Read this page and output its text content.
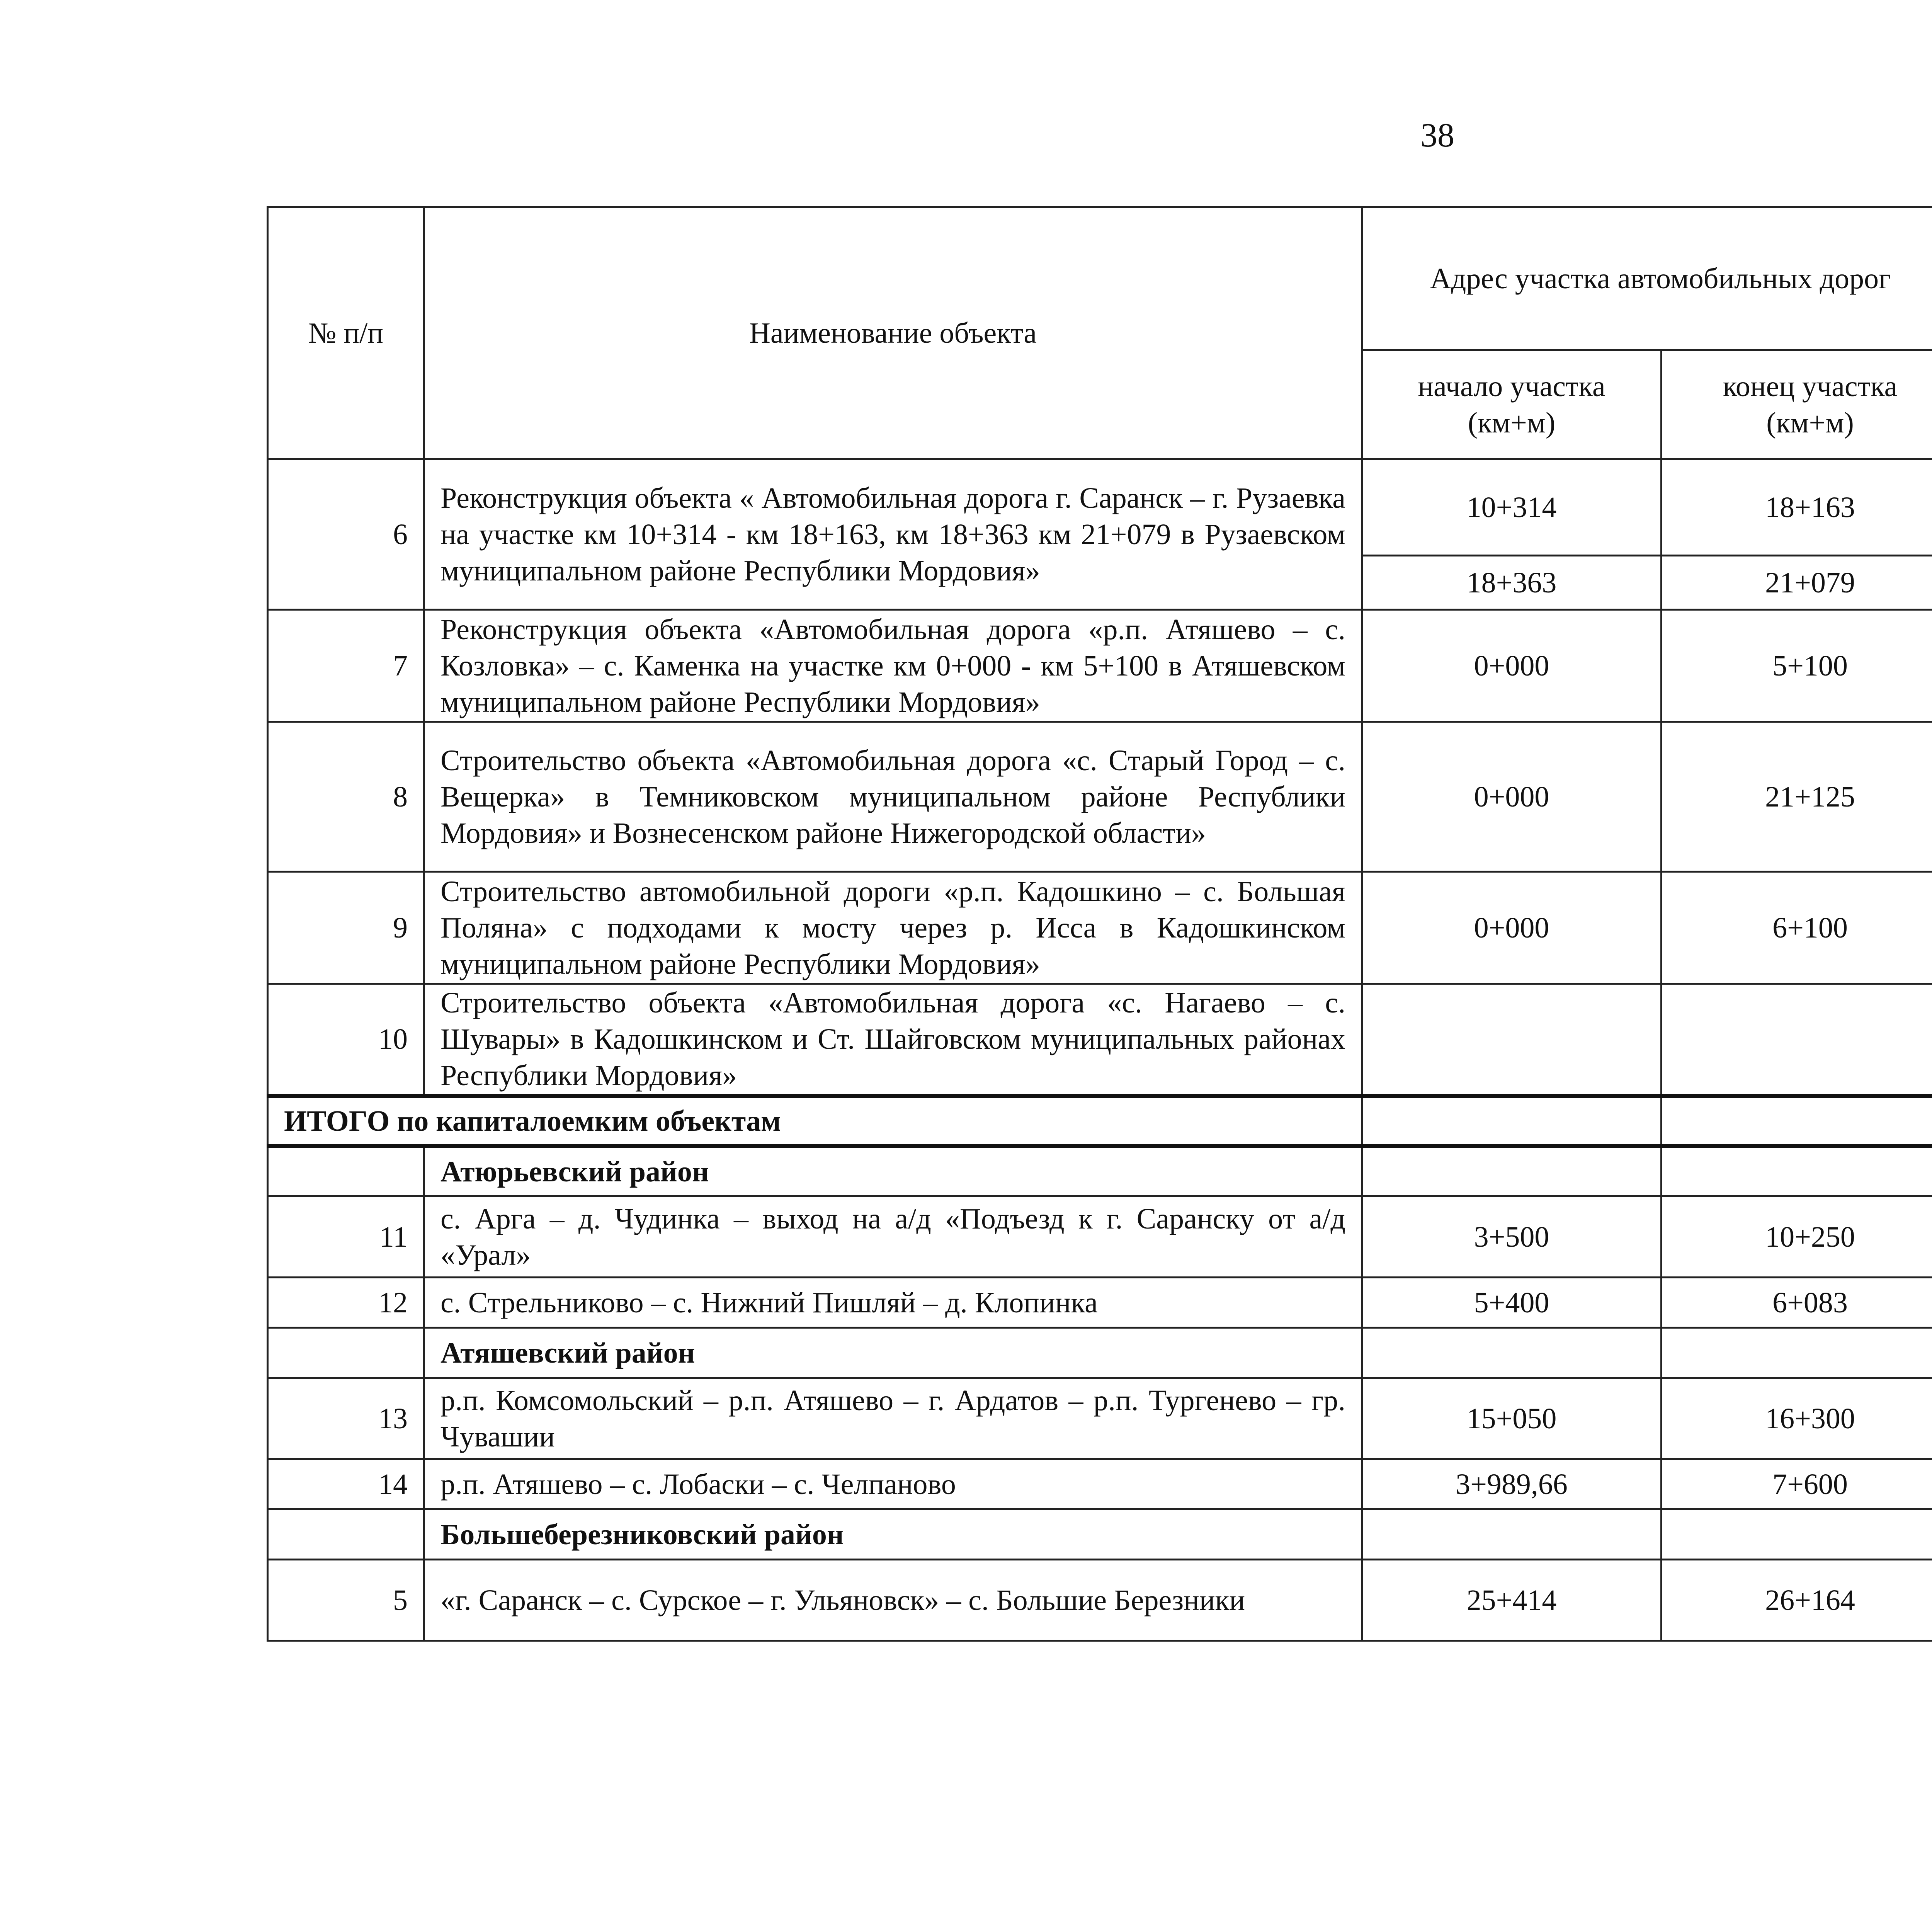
38
№ п/п	Наименование объекта	Адрес участка автомобильных дорог		
		начало участка (км+м)	конец участка (км+м)		
6	Реконструкция объекта « Автомобильная дорога г. Саранск – г. Рузаевка на участке км 10+314 - км 18+163, км 18+363 км 21+079 в Рузаевском муниципальном районе Республики Мордовия»	10+314	18+163		
		18+363	21+079		
7	Реконструкция объекта «Автомобильная дорога «р.п. Атяшево – с. Козловка» – с. Каменка на участке км 0+000 - км 5+100 в Атяшевском муниципальном районе Республики Мордовия»	0+000	5+100		
8	Строительство объекта «Автомобильная дорога «с. Старый Город – с. Вещерка» в Темниковском муниципальном районе Республики Мордовия» и Вознесенском районе Нижегородской области»	0+000	21+125		
9	Строительство автомобильной дороги «р.п. Кадошкино – с. Большая Поляна» с подходами к мосту через р. Исса в Кадошкинском муниципальном районе Республики Мордовия»	0+000	6+100		
10	Строительство объекта «Автомобильная дорога «с. Нагаево – с. Шувары» в Кадошкинском и Ст. Шайговском муниципальных районах Республики Мордовия»				
ИТОГО по капиталоемким объектам				
	Атюрьевский район				
11	с. Арга – д. Чудинка – выход на а/д «Подъезд к г. Саранску от а/д «Урал»	3+500	10+250		
12	с. Стрельниково – с. Нижний Пишляй – д. Клопинка	5+400	6+083		
	Атяшевский район				
13	р.п. Комсомольский – р.п. Атяшево – г. Ардатов – р.п. Тургенево – гр. Чувашии	15+050	16+300		
14	р.п. Атяшево – с. Лобаски – с. Челпаново	3+989,66	7+600		
	Большеберезниковский район				
5	«г. Саранск – с. Сурское – г. Ульяновск» – с. Большие Березники	25+414	26+164		
